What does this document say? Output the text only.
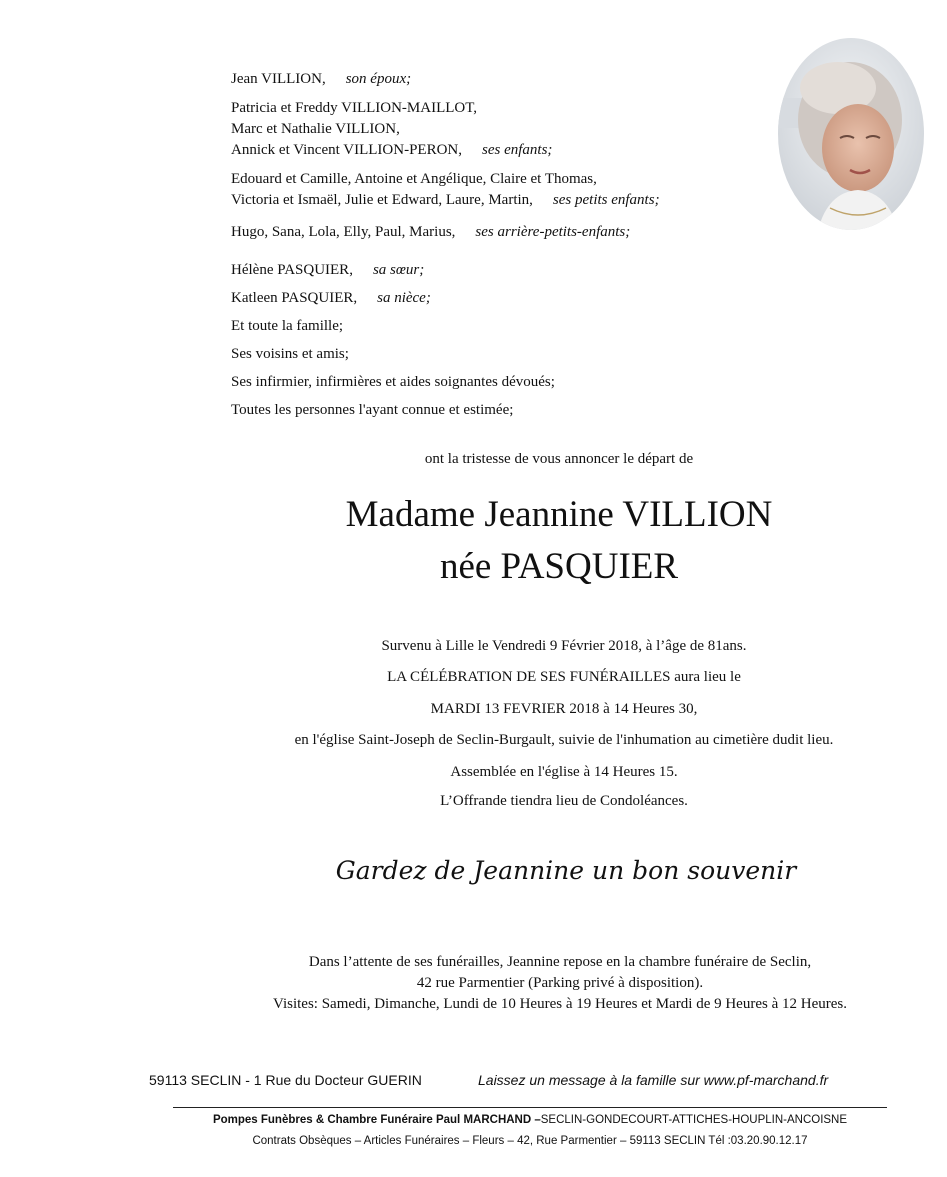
Jean VILLION, son époux;
Patricia et Freddy VILLION-MAILLOT,
Marc et Nathalie VILLION,
Annick et Vincent VILLION-PERON, ses enfants;
Edouard et Camille, Antoine et Angélique, Claire et Thomas,
Victoria et Ismaël, Julie et Edward, Laure, Martin, ses petits enfants;
Hugo, Sana, Lola, Elly, Paul, Marius, ses arrière-petits-enfants;
Hélène PASQUIER, sa sœur;
Katleen PASQUIER, sa nièce;
Et toute la famille;
Ses voisins et amis;
Ses infirmier, infirmières et aides soignantes dévoués;
Toutes les personnes l'ayant connue et estimée;
ont la tristesse de vous annoncer le départ de
Madame Jeannine VILLION
née PASQUIER
Survenu à Lille le Vendredi 9 Février 2018, à l’âge de 81ans.
LA CÉLÉBRATION DE SES FUNÉRAILLES aura lieu le
MARDI 13 FEVRIER 2018 à 14 Heures 30,
en l'église Saint-Joseph de Seclin-Burgault, suivie de l'inhumation au cimetière dudit lieu.
Assemblée en l'église à 14 Heures 15.
L’Offrande tiendra lieu de Condoléances.
Gardez de Jeannine un bon souvenir
Dans l’attente de ses funérailles, Jeannine repose en la chambre funéraire de Seclin,
42 rue Parmentier (Parking privé à disposition).
Visites: Samedi, Dimanche, Lundi de 10 Heures à 19 Heures et Mardi de 9 Heures à 12 Heures.
59113 SECLIN - 1 Rue du Docteur GUERIN	Laissez un message à la famille sur www.pf-marchand.fr
Pompes Funèbres & Chambre Funéraire Paul MARCHAND –SECLIN-GONDECOURT-ATTICHES-HOUPLIN-ANCOISNE
Contrats Obsèques – Articles Funéraires – Fleurs – 42, Rue Parmentier – 59113 SECLIN Tél :03.20.90.12.17
